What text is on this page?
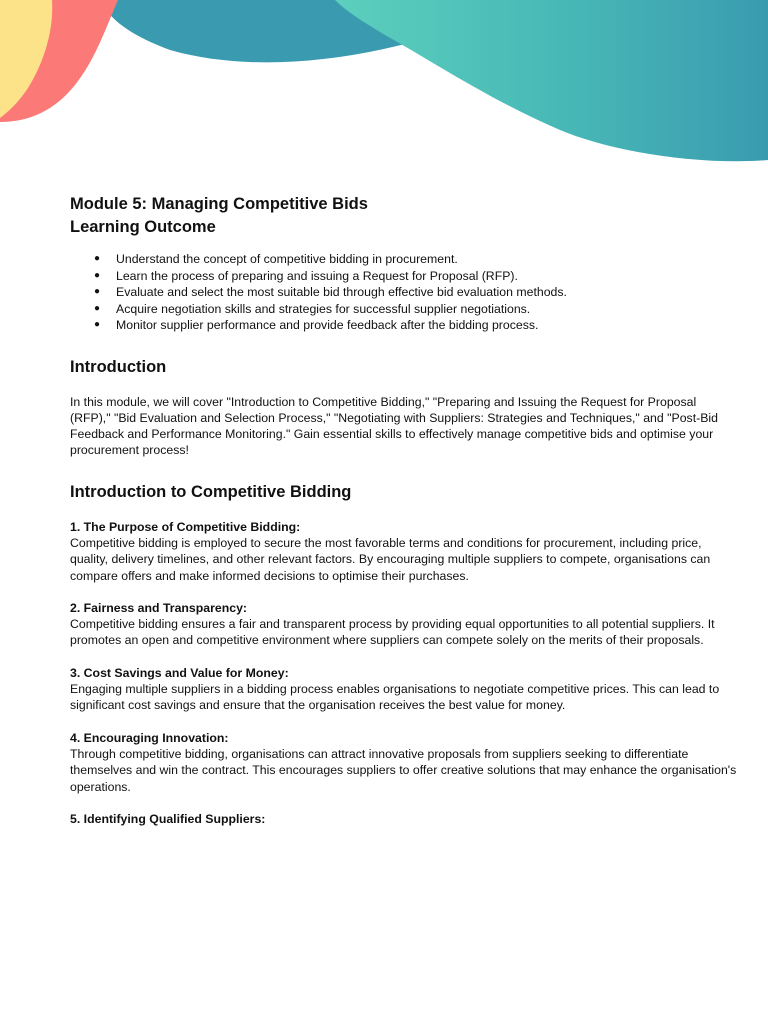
Module 5: Managing Competitive Bids
Learning Outcome
● Understand the concept of competitive bidding in procurement.
● Learn the process of preparing and issuing a Request for Proposal (RFP).
● Evaluate and select the most suitable bid through effective bid evaluation methods.
● Acquire negotiation skills and strategies for successful supplier negotiations.
● Monitor supplier performance and provide feedback after the bidding process.
Introduction

In this module, we will cover "Introduction to Competitive Bidding," "Preparing and Issuing the Request for Proposal (RFP)," "Bid Evaluation and Selection Process," "Negotiating with Suppliers: Strategies and Techniques," and "Post-Bid Feedback and Performance Monitoring." Gain essential skills to effectively manage competitive bids and optimise your procurement process!

Introduction to Competitive Bidding

1. The Purpose of Competitive Bidding:

Competitive bidding is employed to secure the most favorable terms and conditions for procurement, including price, quality, delivery timelines, and other relevant factors. By encouraging multiple suppliers to compete, organisations can compare offers and make informed decisions to optimise their purchases.

2. Fairness and Transparency:

Competitive bidding ensures a fair and transparent process by providing equal opportunities to all potential suppliers. It promotes an open and competitive environment where suppliers can compete solely on the merits of their proposals.

3. Cost Savings and Value for Money:

Engaging multiple suppliers in a bidding process enables organisations to negotiate competitive prices. This can lead to significant cost savings and ensure that the organisation receives the best value for money.

4. Encouraging Innovation:

Through competitive bidding, organisations can attract innovative proposals from suppliers seeking to differentiate themselves and win the contract. This encourages suppliers to offer creative solutions that may enhance the organisation's operations.

5. Identifying Qualified Suppliers:
